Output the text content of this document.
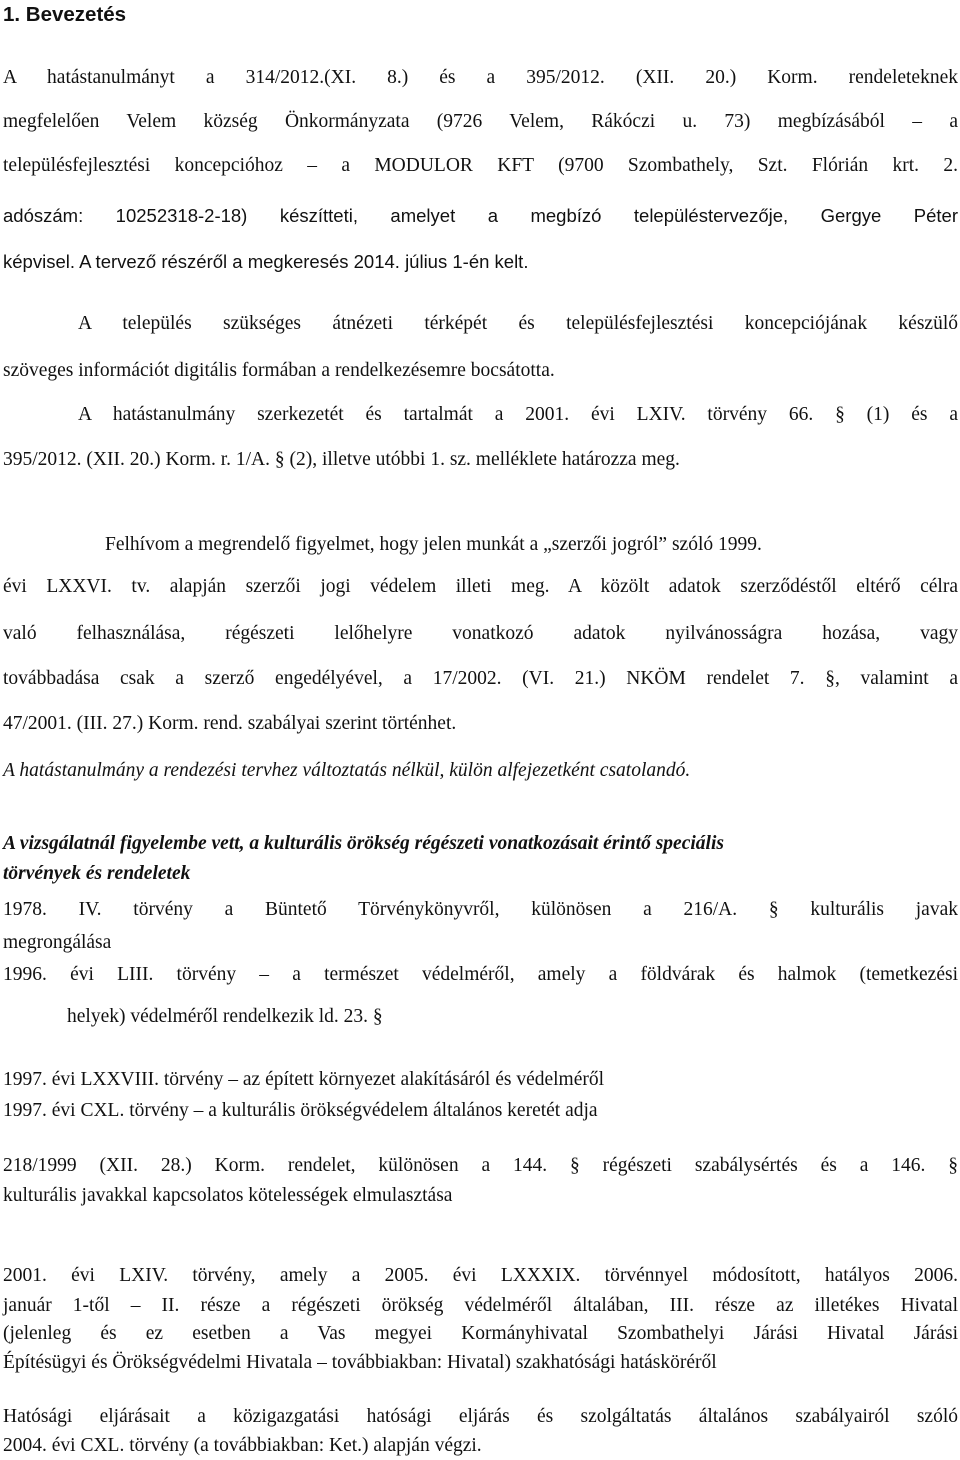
1. Bevezetés
A hatástanulmányt a 314/2012.(XI. 8.) és a 395/2012. (XII. 20.) Korm. rendeleteknek
megfelelően Velem község Önkormányzata (9726 Velem, Rákóczi u. 73) megbízásából – a
településfejlesztési koncepcióhoz – a MODULOR KFT (9700 Szombathely, Szt. Flórián krt. 2.
adószám: 10252318-2-18) készítteti, amelyet a megbízó településtervezője, Gergye Péter
képvisel. A tervező részéről a megkeresés 2014. július 1-én kelt.
A település szükséges átnézeti térképét és településfejlesztési koncepciójának készülő
szöveges információt digitális formában a rendelkezésemre bocsátotta.
A hatástanulmány szerkezetét és tartalmát a 2001. évi LXIV. törvény 66. § (1) és a
395/2012. (XII. 20.) Korm. r. 1/A. § (2), illetve utóbbi 1. sz. melléklete határozza meg.
Felhívom a megrendelő figyelmet, hogy jelen munkát a „szerzői jogról” szóló 1999.
évi LXXVI. tv. alapján szerzői jogi védelem illeti meg. A közölt adatok szerződéstől eltérő célra
való felhasználása, régészeti lelőhelyre vonatkozó adatok nyilvánosságra hozása, vagy
továbbadása csak a szerző engedélyével, a 17/2002. (VI. 21.) NKÖM rendelet 7. §, valamint a
47/2001. (III. 27.) Korm. rend. szabályai szerint történhet.
A hatástanulmány a rendezési tervhez változtatás nélkül, külön alfejezetként csatolandó.
A vizsgálatnál figyelembe vett, a kulturális örökség régészeti vonatkozásait érintő speciális
törvények és rendeletek
1978. IV. törvény a Büntető Törvénykönyvről, különösen a 216/A. § kulturális javak
megrongálása
1996. évi LIII. törvény – a természet védelméről, amely a földvárak és halmok (temetkezési
helyek) védelméről rendelkezik ld. 23. §
1997. évi LXXVIII. törvény – az épített környezet alakításáról és védelméről
1997. évi CXL. törvény – a kulturális örökségvédelem általános keretét adja
218/1999 (XII. 28.) Korm. rendelet, különösen a 144. § régészeti szabálysértés és a 146. §
kulturális javakkal kapcsolatos kötelességek elmulasztása
2001. évi LXIV. törvény, amely a 2005. évi LXXXIX. törvénnyel módosított, hatályos 2006.
január 1-től – II. része a régészeti örökség védelméről általában, III. része az illetékes Hivatal
(jelenleg és ez esetben a Vas megyei Kormányhivatal Szombathelyi Járási Hivatal Járási
Építésügyi és Örökségvédelmi Hivatala – továbbiakban: Hivatal) szakhatósági hatásköréről
Hatósági eljárásait a közigazgatási hatósági eljárás és szolgáltatás általános szabályairól szóló
2004. évi CXL. törvény (a továbbiakban: Ket.) alapján végzi.
